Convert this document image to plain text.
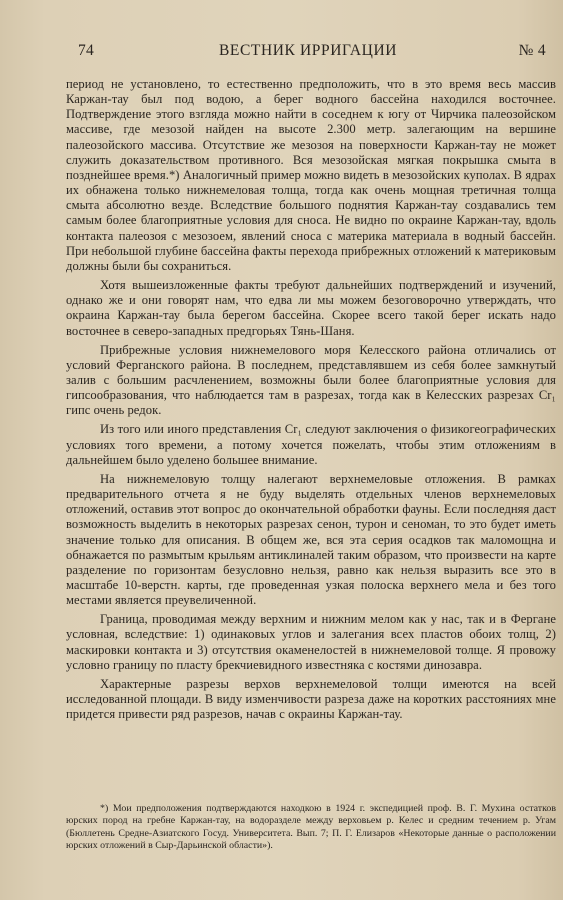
74	ВЕСТНИК ИРРИГАЦИИ	№ 4

период не установлено, то естественно предположить, что в это время весь массив Каржан-тау был под водою, а берег водного бассейна находился восточнее. Подтверждение этого взгляда можно найти в соседнем к югу от Чирчика палеозойском массиве, где мезозой найден на высоте 2.300 метр. залегающим на вершине палеозойского массива. Отсутствие же мезозоя на поверхности Каржан-тау не может служить доказательством противного. Вся мезозойская мягкая покрышка смыта в позднейшее время.*) Аналогичный пример можно видеть в мезозойских куполах. В ядрах их обнажена только нижнемеловая толща, тогда как очень мощная третичная толща смыта абсолютно везде. Вследствие большого поднятия Каржан-тау создавались тем самым более благоприятные условия для сноса. Не видно по окраине Каржан-тау, вдоль контакта палеозоя с мезозоем, явлений сноса с материка материала в водный бассейн. При небольшой глубине бассейна факты перехода прибрежных отложений к материковым должны были бы сохраниться.

Хотя вышеизложенные факты требуют дальнейших подтверждений и изучений, однако же и они говорят нам, что едва ли мы можем безоговорочно утверждать, что окраина Каржан-тау была берегом бассейна. Скорее всего такой берег искать надо восточнее в северо-западных предгорьях Тянь-Шаня.

Прибрежные условия нижнемелового моря Келесского района отличались от условий Ферганского района. В последнем, представлявшем из себя более замкнутый залив с большим расчленением, возможны были более благоприятные условия для гипсообразования, что наблюдается там в разрезах, тогда как в Келесских разрезах Cr₁ гипс очень редок.

Из того или иного представления Cr₁ следуют заключения о физикогеографических условиях того времени, а потому хочется пожелать, чтобы этим отложениям в дальнейшем было уделено большее внимание.

На нижнемеловую толщу налегают верхнемеловые отложения. В рамках предварительного отчета я не буду выделять отдельных членов верхнемеловых отложений, оставив этот вопрос до окончательной обработки фауны. Если последняя даст возможность выделить в некоторых разрезах сенон, турон и сеноман, то это будет иметь значение только для описания. В общем же, вся эта серия осадков так маломощна и обнажается по размытым крыльям антиклиналей таким образом, что произвести на карте разделение по горизонтам безусловно нельзя, равно как нельзя выразить все это в масштабе 10-верстн. карты, где проведенная узкая полоска верхнего мела и без того местами является преувеличенной.

Граница, проводимая между верхним и нижним мелом как у нас, так и в Фергане условная, вследствие: 1) одинаковых углов и залегания всех пластов обоих толщ, 2) маскировки контакта и 3) отсутствия окаменелостей в нижнемеловой толще. Я провожу условно границу по пласту брекчиевидного известняка с костями динозавра.

Характерные разрезы верхов верхнемеловой толщи имеются на всей исследованной площади. В виду изменчивости разреза даже на коротких расстояниях мне придется привести ряд разрезов, начав с окраины Каржан-тау.

*) Мои предположения подтверждаются находкою в 1924 г. экспедицией проф. В. Г. Мухина остатков юрских пород на гребне Каржан-тау, на водоразделе между верховьем р. Келес и средним течением р. Угам (Бюллетень Средне-Азиатского Госуд. Университета. Вып. 7; П. Г. Елизаров «Некоторые данные о расположении юрских отложений в Сыр-Дарьинской области»).
